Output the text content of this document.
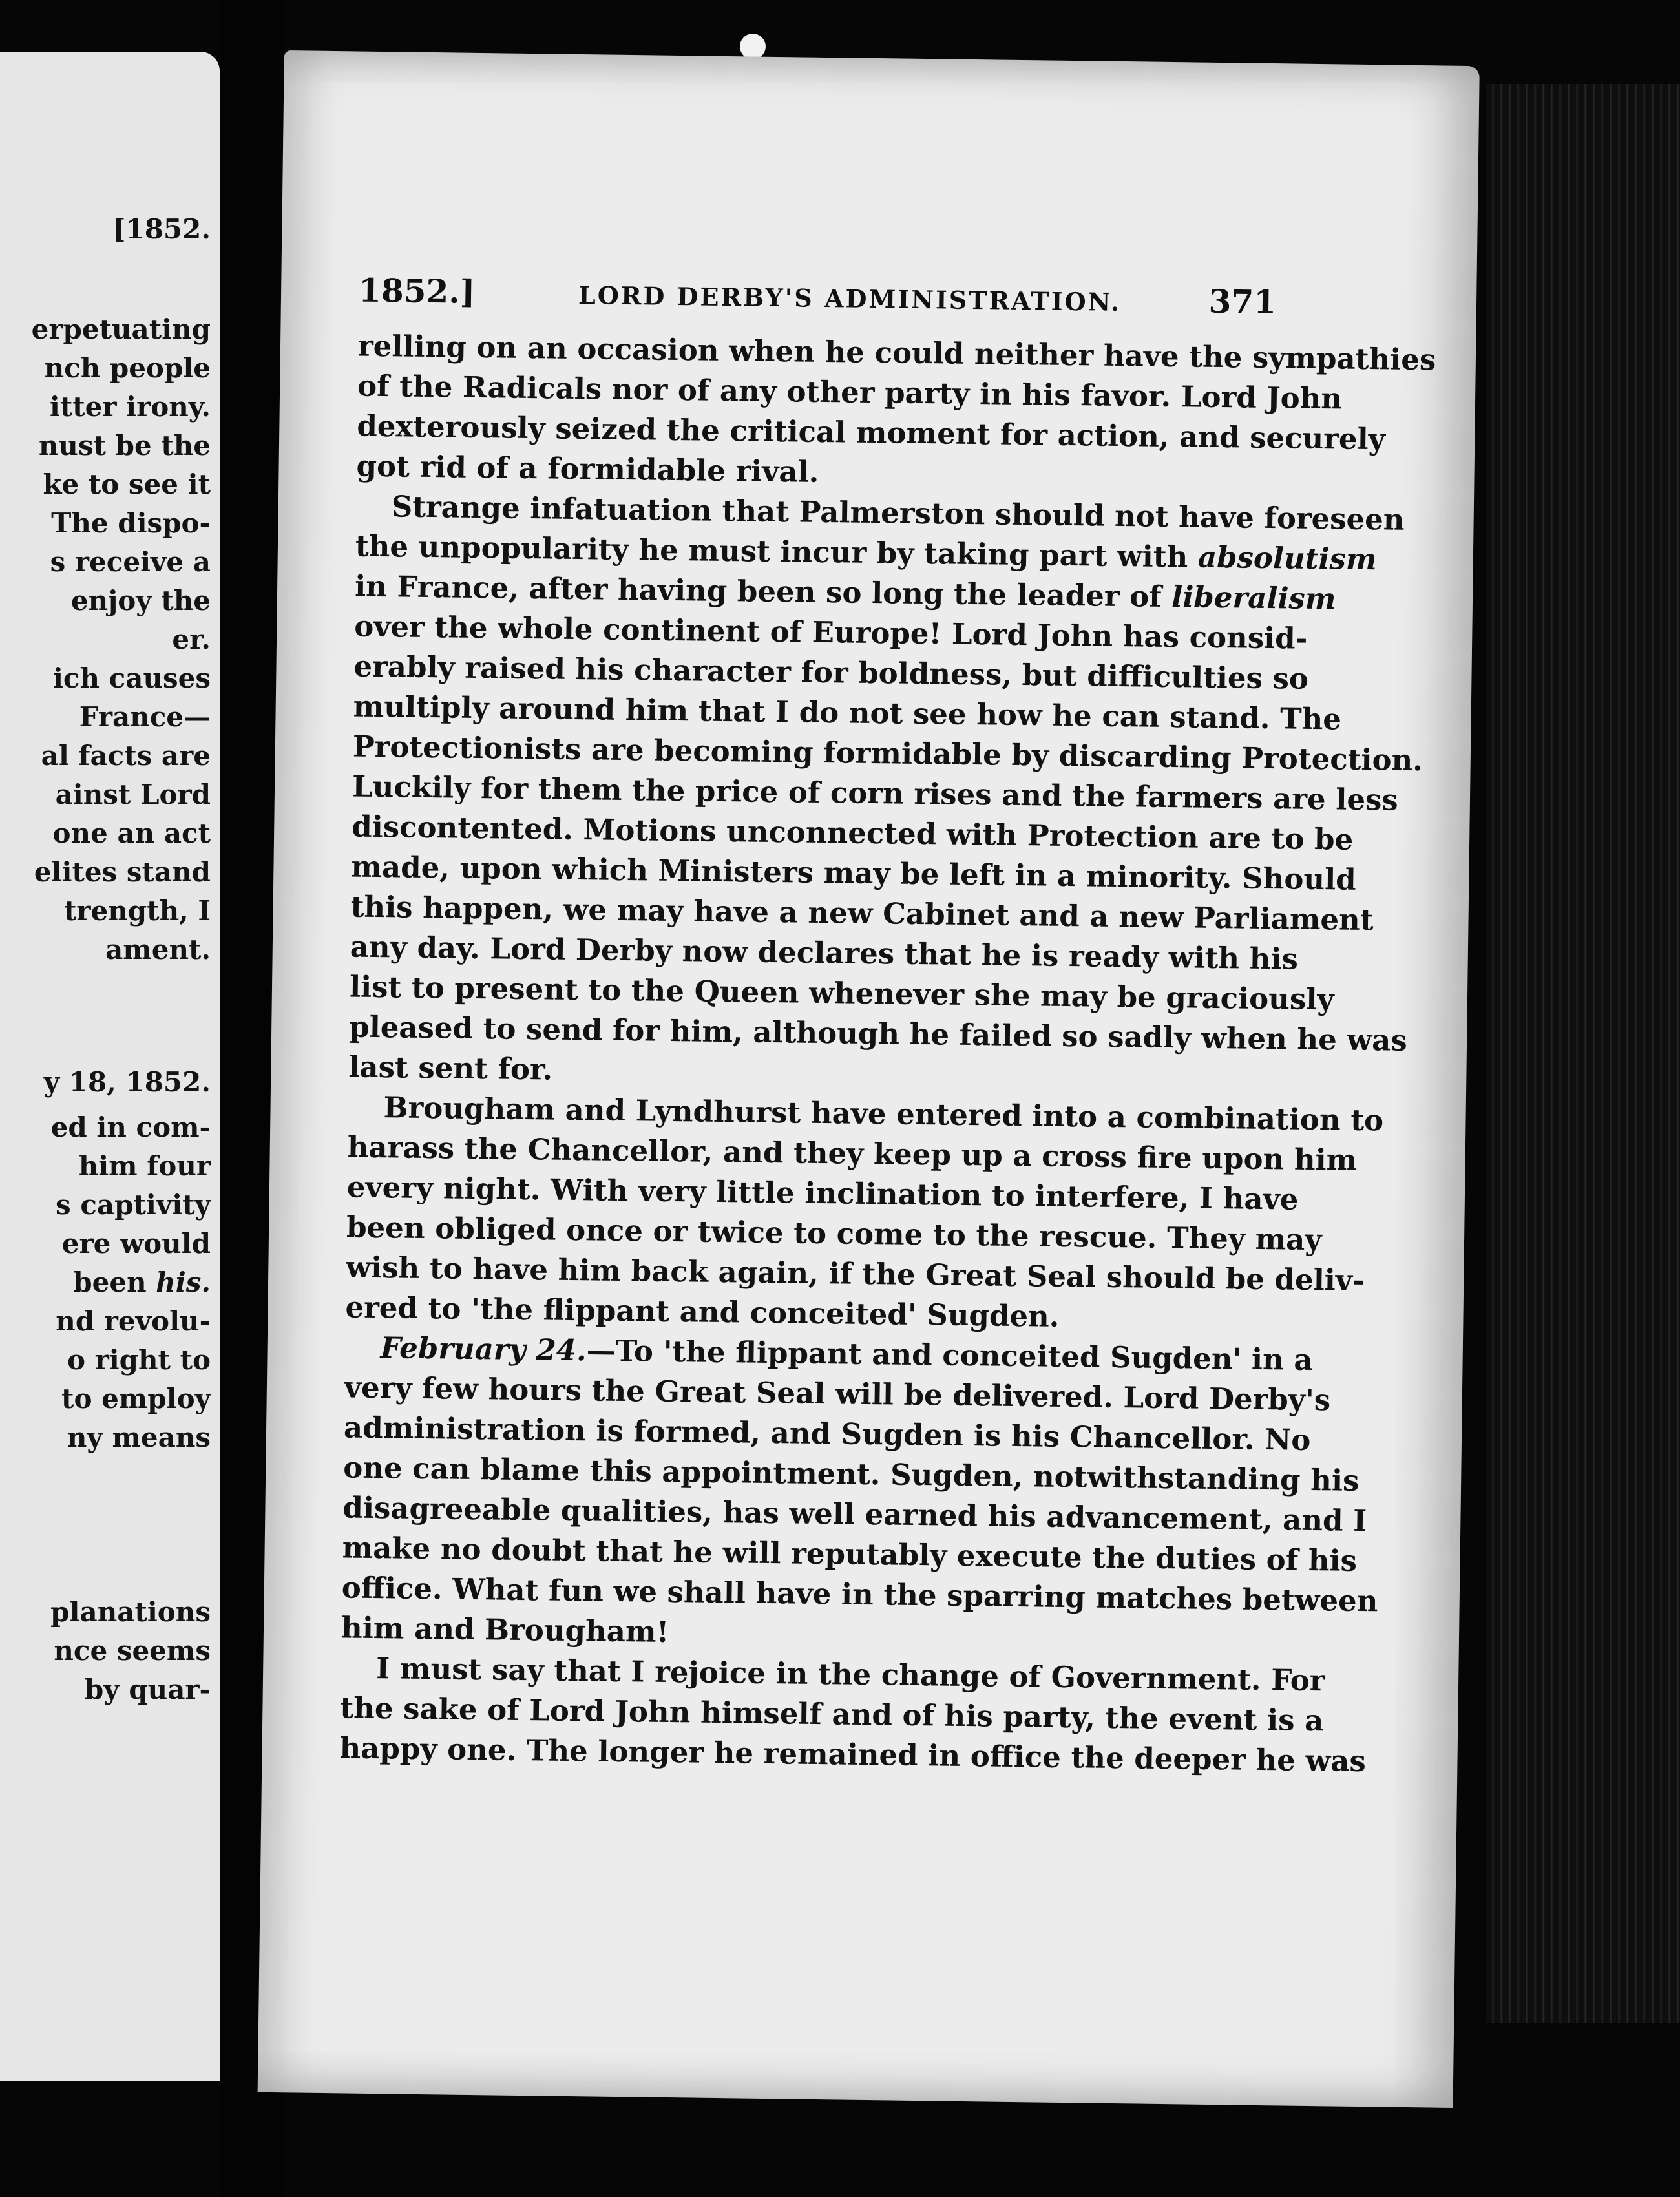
[1852.
erpetuating
nch people
itter irony.
nust be the
ke to see it
The dispo-
s receive a
enjoy the
er.
ich causes
France—
al facts are
ainst Lord
one an act
elites stand
trength, I
ament.
y 18, 1852.
ed in com-
him four
s captivity
ere would
been his.
nd revolu-
o right to
to employ
ny means
planations
nce seems
by quar-
1852.]	LORD DERBY'S ADMINISTRATION.	371
relling on an occasion when he could neither have the sympathies
of the Radicals nor of any other party in his favor. Lord John
dexterously seized the critical moment for action, and securely
got rid of a formidable rival.
Strange infatuation that Palmerston should not have foreseen
the unpopularity he must incur by taking part with absolutism
in France, after having been so long the leader of liberalism
over the whole continent of Europe! Lord John has consid-
erably raised his character for boldness, but difficulties so
multiply around him that I do not see how he can stand. The
Protectionists are becoming formidable by discarding Protection.
Luckily for them the price of corn rises and the farmers are less
discontented. Motions unconnected with Protection are to be
made, upon which Ministers may be left in a minority. Should
this happen, we may have a new Cabinet and a new Parliament
any day. Lord Derby now declares that he is ready with his
list to present to the Queen whenever she may be graciously
pleased to send for him, although he failed so sadly when he was
last sent for.
Brougham and Lyndhurst have entered into a combination to
harass the Chancellor, and they keep up a cross fire upon him
every night. With very little inclination to interfere, I have
been obliged once or twice to come to the rescue. They may
wish to have him back again, if the Great Seal should be deliv-
ered to 'the flippant and conceited' Sugden.
February 24.—To 'the flippant and conceited Sugden' in a
very few hours the Great Seal will be delivered. Lord Derby's
administration is formed, and Sugden is his Chancellor. No
one can blame this appointment. Sugden, notwithstanding his
disagreeable qualities, has well earned his advancement, and I
make no doubt that he will reputably execute the duties of his
office. What fun we shall have in the sparring matches between
him and Brougham!
I must say that I rejoice in the change of Government. For
the sake of Lord John himself and of his party, the event is a
happy one. The longer he remained in office the deeper he was
